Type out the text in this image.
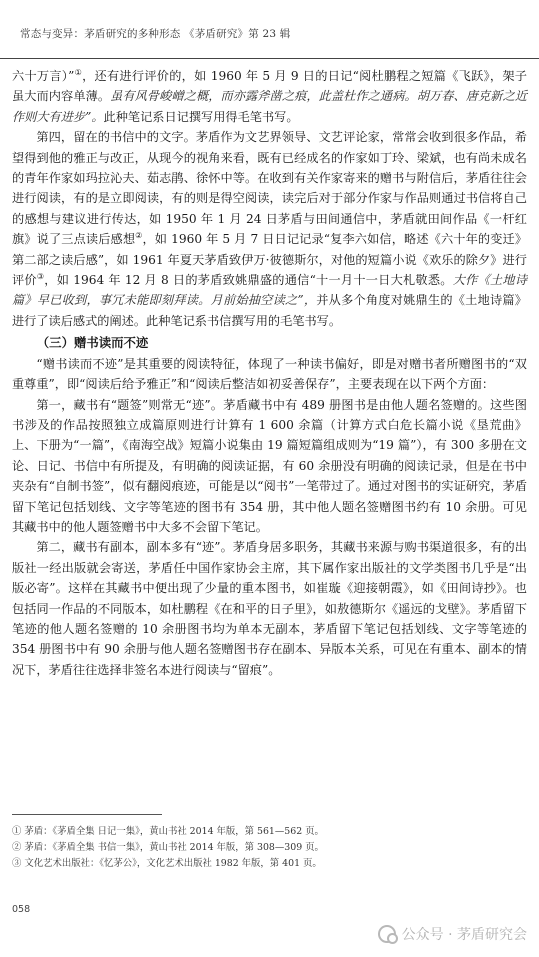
常态与变异：茅盾研究的多种形态 《茅盾研究》第 23 辑

六十万言）”①，还有进行评价的，如 1960 年 5 月 9 日的日记“阅杜鹏程之短篇《飞跃》，架子虽大而内容单薄。虽有风骨峻嶒之概，而亦露斧凿之痕，此盖杜作之通病。胡万春、唐克新之近作则大有进步”。此种笔记系日记撰写用得毛笔书写。

第四，留在的书信中的文字。茅盾作为文艺界领导、文艺评论家，常常会收到很多作品，希望得到他的雅正与改正，从现今的视角来看，既有已经成名的作家如丁玲、梁斌，也有尚未成名的青年作家如玛拉沁夫、茹志鹃、徐怀中等。在收到有关作家寄来的赠书与附信后，茅盾往往会进行阅读，有的是立即阅读，有的则是得空阅读，读完后对于部分作家与作品则通过书信将自己的感想与建议进行传达，如 1950 年 1 月 24 日茅盾与田间通信中，茅盾就田间作品《一杆红旗》说了三点读后感想②，如 1960 年 5 月 7 日日记记录“复李六如信，略述《六十年的变迁》第二部之读后感”，如 1961 年夏天茅盾致伊万·彼德斯尔，对他的短篇小说《欢乐的除夕》进行评价③，如 1964 年 12 月 8 日的茅盾致姚鼎盛的通信“十一月十一日大札敬悉。大作《土地诗篇》早已收到，事冗未能即刻拜读。月前始抽空读之”，并从多个角度对姚鼎生的《土地诗篇》进行了读后感式的阐述。此种笔记系书信撰写用的毛笔书写。

（三）赠书读而不迹

“赠书读而不迹”是其重要的阅读特征，体现了一种读书偏好，即是对赠书者所赠图书的“双重尊重”，即“阅读后给予雅正”和“阅读后整洁如初妥善保存”，主要表现在以下两个方面：

第一，藏书有“题签”则常无“迹”。茅盾藏书中有 489 册图书是由他人题名签赠的。这些图书涉及的作品按照独立成篇原则进行计算有 1 600 余篇（计算方式白危长篇小说《垦荒曲》上、下册为“一篇”，《南海空战》短篇小说集由 19 篇短篇组成则为“19 篇”），有 300 多册在文论、日记、书信中有所提及，有明确的阅读证据，有 60 余册没有明确的阅读记录，但是在书中夹杂有“自制书签”，似有翻阅痕迹，可能是以“阅书”一笔带过了。通过对图书的实证研究，茅盾留下笔记包括划线、文字等笔迹的图书有 354 册，其中他人题名签赠图书约有 10 余册。可见其藏书中的他人题签赠书中大多不会留下笔记。

第二，藏书有副本，副本多有“迹”。茅盾身居多职务，其藏书来源与购书渠道很多，有的出版社一经出版就会寄送，茅盾任中国作家协会主席，其下属作家出版社的文学类图书几乎是“出版必寄”。这样在其藏书中便出现了少量的重本图书，如崔璇《迎接朝霞》，如《田间诗抄》。也包括同一作品的不同版本，如杜鹏程《在和平的日子里》，如敖德斯尔《遥远的戈壁》。茅盾留下笔迹的他人题名签赠的 10 余册图书均为单本无副本，茅盾留下笔记包括划线、文字等笔迹的 354 册图书中有 90 余册与他人题名签赠图书存在副本、异版本关系，可见在有重本、副本的情况下，茅盾往往选择非签名本进行阅读与“留痕”。

① 茅盾：《茅盾全集 日记一集》，黄山书社 2014 年版，第 561—562 页。
② 茅盾：《茅盾全集 书信一集》，黄山书社 2014 年版，第 308—309 页。
③ 文化艺术出版社：《忆茅公》，文化艺术出版社 1982 年版，第 401 页。
058
公众号 · 茅盾研究会
